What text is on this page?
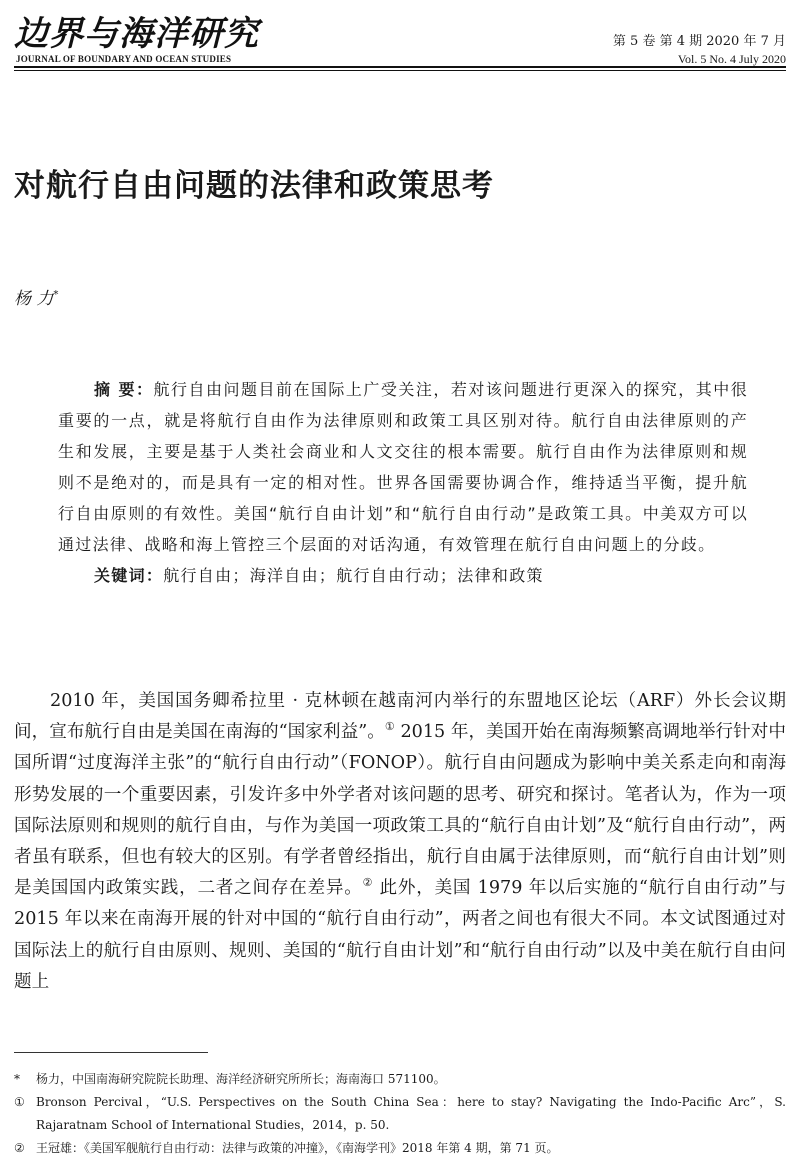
边界与海洋研究
JOURNAL OF BOUNDARY AND OCEAN STUDIES
第 5 卷 第 4 期 2020 年 7 月
Vol. 5 No. 4 July 2020
对航行自由问题的法律和政策思考
杨 力*

摘 要：航行自由问题目前在国际上广受关注，若对该问题进行更深入的探究，其中很重要的一点，就是将航行自由作为法律原则和政策工具区别对待。航行自由法律原则的产生和发展，主要是基于人类社会商业和人文交往的根本需要。航行自由作为法律原则和规则不是绝对的，而是具有一定的相对性。世界各国需要协调合作，维持适当平衡，提升航行自由原则的有效性。美国“航行自由计划”和“航行自由行动”是政策工具。中美双方可以通过法律、战略和海上管控三个层面的对话沟通，有效管理在航行自由问题上的分歧。

关键词：航行自由；海洋自由；航行自由行动；法律和政策

2010 年，美国国务卿希拉里 · 克林顿在越南河内举行的东盟地区论坛（ARF）外长会议期间，宣布航行自由是美国在南海的“国家利益”。① 2015 年，美国开始在南海频繁高调地举行针对中国所谓“过度海洋主张”的“航行自由行动”（FONOP）。航行自由问题成为影响中美关系走向和南海形势发展的一个重要因素，引发许多中外学者对该问题的思考、研究和探讨。笔者认为，作为一项国际法原则和规则的航行自由，与作为美国一项政策工具的“航行自由计划”及“航行自由行动”，两者虽有联系，但也有较大的区别。有学者曾经指出，航行自由属于法律原则，而“航行自由计划”则是美国国内政策实践，二者之间存在差异。② 此外，美国 1979 年以后实施的“航行自由行动”与 2015 年以来在南海开展的针对中国的“航行自由行动”，两者之间也有很大不同。本文试图通过对国际法上的航行自由原则、规则、美国的“航行自由计划”和“航行自由行动”以及中美在航行自由问题上

*	杨力，中国南海研究院院长助理、海洋经济研究所所长；海南海口 571100。
① Bronson Percival，“U.S. Perspectives on the South China Sea：here to stay? Navigating the Indo-Pacific Arc”，S. Rajaratnam School of International Studies，2014，p. 50.
② 王冠雄：《美国军舰航行自由行动：法律与政策的冲撞》，《南海学刊》2018 年第 4 期，第 71 页。
